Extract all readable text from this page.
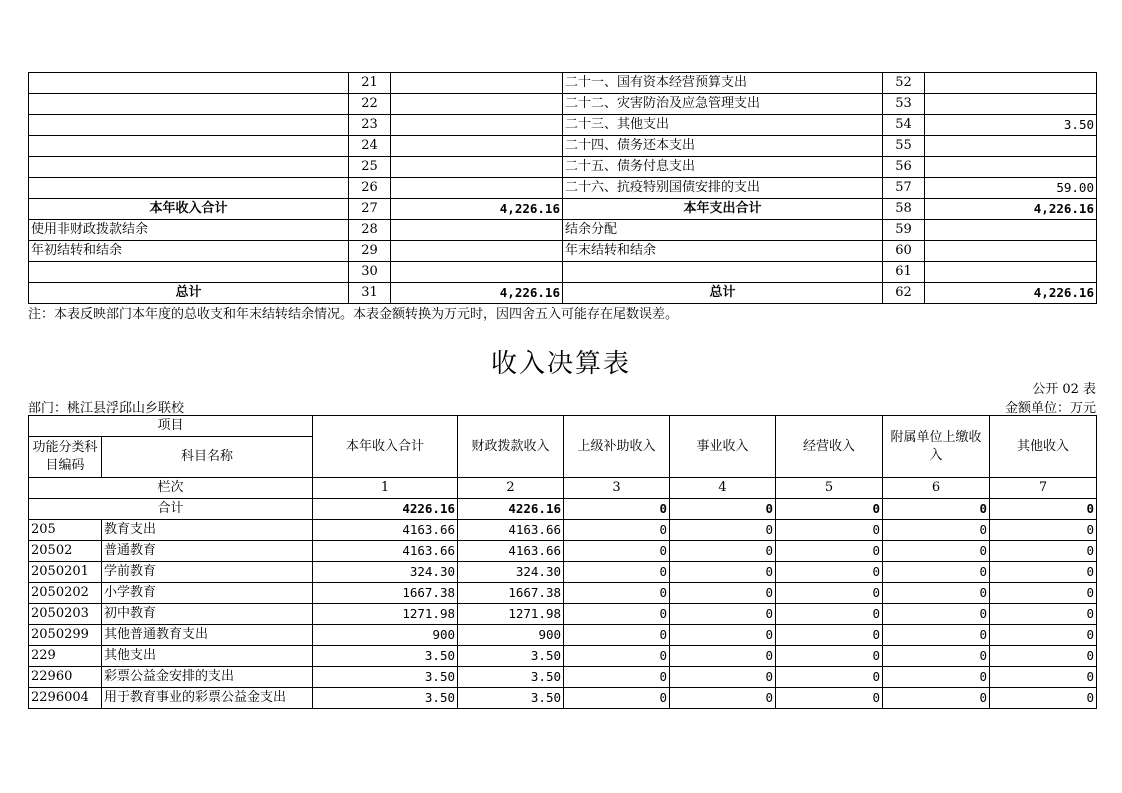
	21		二十一、国有资本经营预算支出	52	
	22		二十二、灾害防治及应急管理支出	53	
	23		二十三、其他支出	54	3.50
	24		二十四、债务还本支出	55	
	25		二十五、债务付息支出	56	
	26		二十六、抗疫特别国债安排的支出	57	59.00
本年收入合计	27	4,226.16	本年支出合计	58	4,226.16
使用非财政拨款结余	28		结余分配	59	
年初结转和结余	29		年末结转和结余	60	
	30			61	
总计	31	4,226.16	总计	62	4,226.16
注：本表反映部门本年度的总收支和年末结转结余情况。本表金额转换为万元时，因四舍五入可能存在尾数误差。
收入决算表
公开 02 表
部门：桃江县浮邱山乡联校	金额单位：万元
项目		本年收入合计	财政拨款收入	上级补助收入	事业收入	经营收入	附属单位上缴收入	其他收入
功能分类科目编码	科目名称							
栏次		1	2	3	4	5	6	7
合计		4226.16	4226.16	0	0	0	0	0
205	教育支出	4163.66	4163.66	0	0	0	0	0
20502	普通教育	4163.66	4163.66	0	0	0	0	0
2050201	学前教育	324.30	324.30	0	0	0	0	0
2050202	小学教育	1667.38	1667.38	0	0	0	0	0
2050203	初中教育	1271.98	1271.98	0	0	0	0	0
2050299	其他普通教育支出	900	900	0	0	0	0	0
229	其他支出	3.50	3.50	0	0	0	0	0
22960	彩票公益金安排的支出	3.50	3.50	0	0	0	0	0
2296004	用于教育事业的彩票公益金支出	3.50	3.50	0	0	0	0	0
